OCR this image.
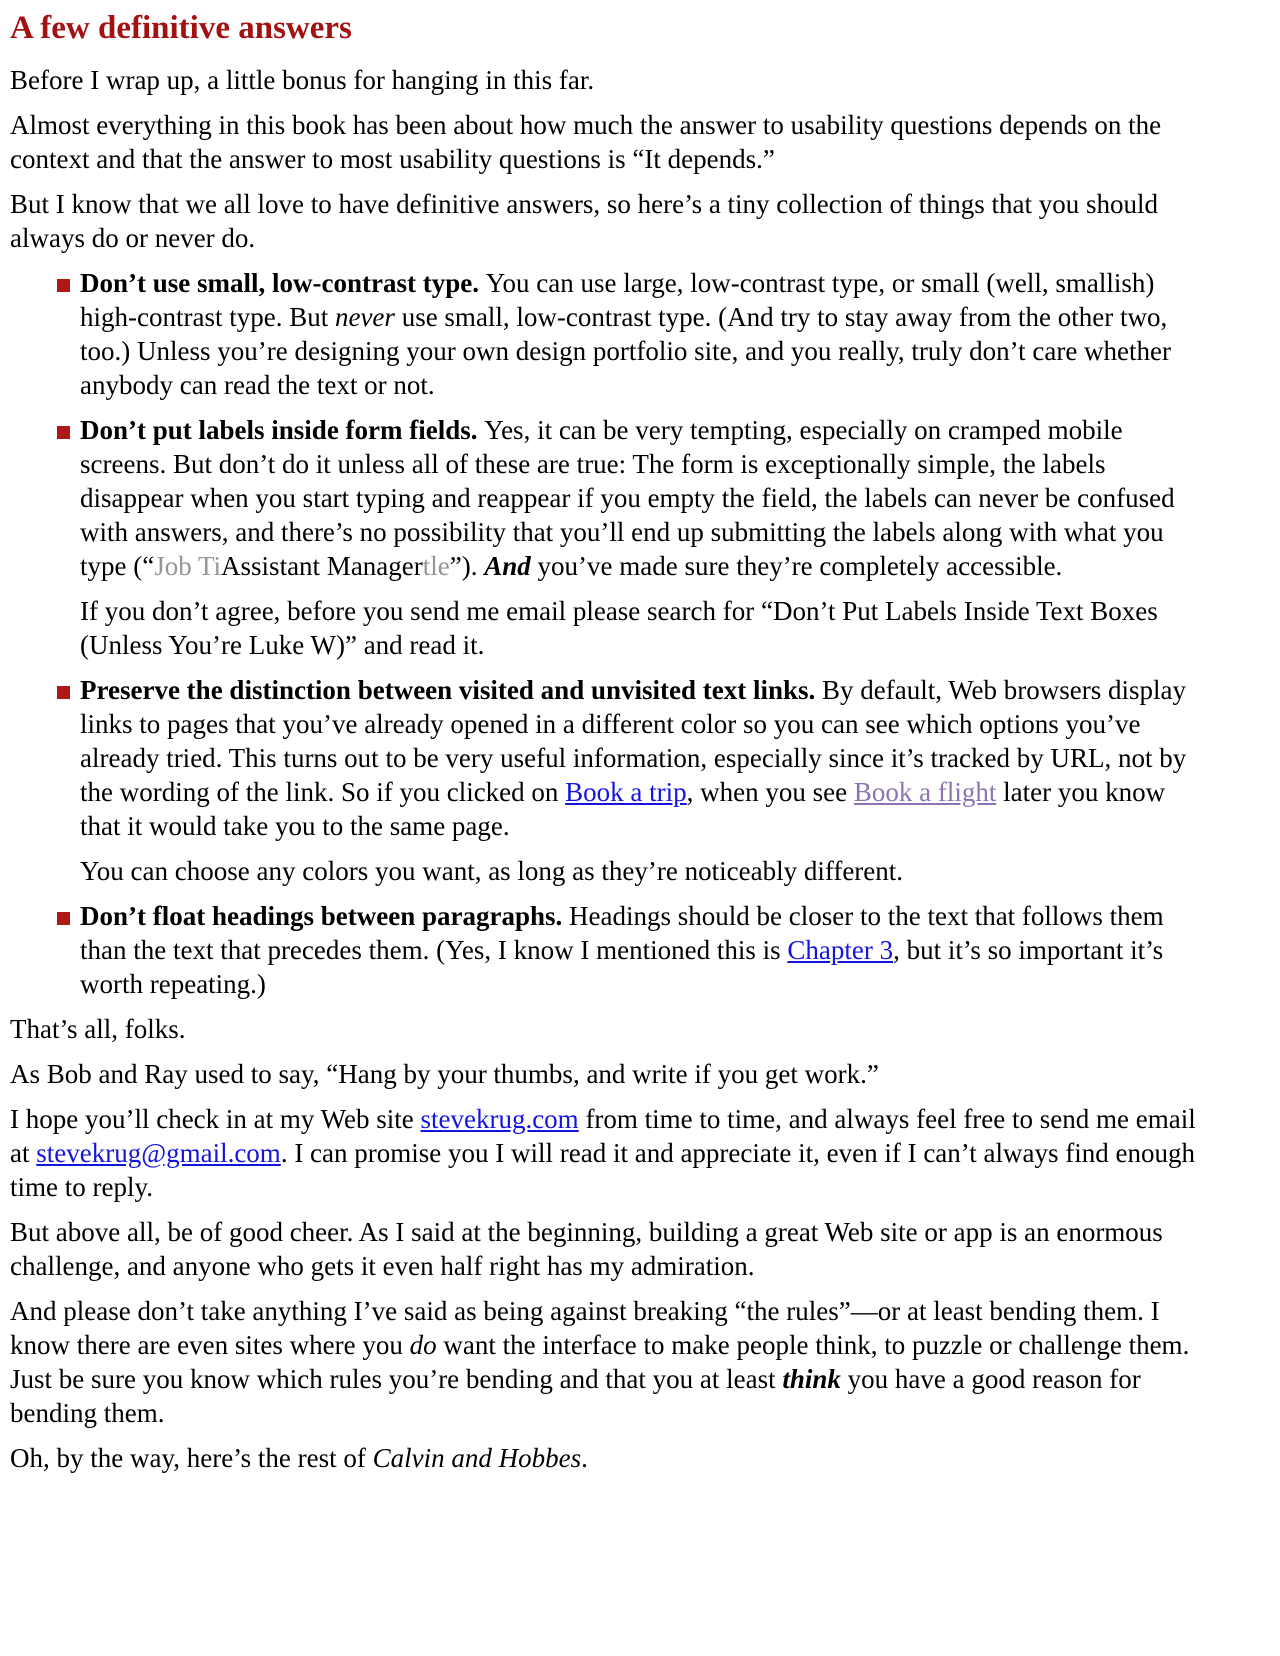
A few definitive answers
Before I wrap up, a little bonus for hanging in this far.
Almost everything in this book has been about how much the answer to usability questions depends on the context and that the answer to most usability questions is “It depends.”
But I know that we all love to have definitive answers, so here’s a tiny collection of things that you should always do or never do.
Don’t use small, low-contrast type. You can use large, low-contrast type, or small (well, smallish) high-contrast type. But never use small, low-contrast type. (And try to stay away from the other two, too.) Unless you’re designing your own design portfolio site, and you really, truly don’t care whether anybody can read the text or not.
Don’t put labels inside form fields. Yes, it can be very tempting, especially on cramped mobile screens. But don’t do it unless all of these are true: The form is exceptionally simple, the labels disappear when you start typing and reappear if you empty the field, the labels can never be confused with answers, and there’s no possibility that you’ll end up submitting the labels along with what you type (“Job TiAssistant Managertle”). And you’ve made sure they’re completely accessible.
If you don’t agree, before you send me email please search for “Don’t Put Labels Inside Text Boxes (Unless You’re Luke W)” and read it.
Preserve the distinction between visited and unvisited text links. By default, Web browsers display links to pages that you’ve already opened in a different color so you can see which options you’ve already tried. This turns out to be very useful information, especially since it’s tracked by URL, not by the wording of the link. So if you clicked on Book a trip, when you see Book a flight later you know that it would take you to the same page.
You can choose any colors you want, as long as they’re noticeably different.
Don’t float headings between paragraphs. Headings should be closer to the text that follows them than the text that precedes them. (Yes, I know I mentioned this is Chapter 3, but it’s so important it’s worth repeating.)
That’s all, folks.
As Bob and Ray used to say, “Hang by your thumbs, and write if you get work.”
I hope you’ll check in at my Web site stevekrug.com from time to time, and always feel free to send me email at stevekrug@gmail.com. I can promise you I will read it and appreciate it, even if I can’t always find enough time to reply.
But above all, be of good cheer. As I said at the beginning, building a great Web site or app is an enormous challenge, and anyone who gets it even half right has my admiration.
And please don’t take anything I’ve said as being against breaking “the rules”—or at least bending them. I know there are even sites where you do want the interface to make people think, to puzzle or challenge them. Just be sure you know which rules you’re bending and that you at least think you have a good reason for bending them.
Oh, by the way, here’s the rest of Calvin and Hobbes.
